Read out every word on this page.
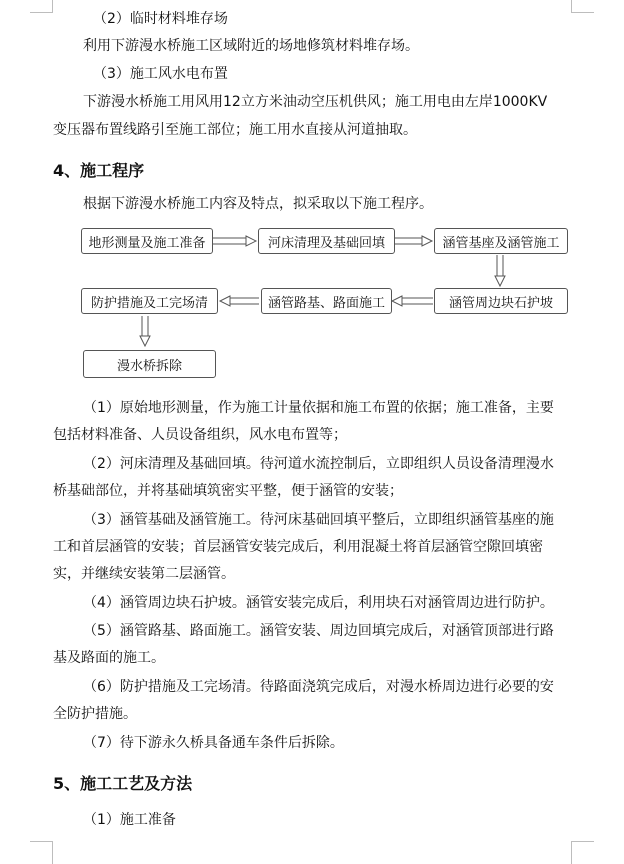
（2）临时材料堆存场
利用下游漫水桥施工区域附近的场地修筑材料堆存场。
（3）施工风水电布置
下游漫水桥施工用风用12立方米油动空压机供风；施工用电由左岸1000KV
变压器布置线路引至施工部位；施工用水直接从河道抽取。
4、施工程序
根据下游漫水桥施工内容及特点，拟采取以下施工程序。
地形测量及施工准备	河床清理及基础回填	涵管基座及涵管施工
涵管周边块石护坡
涵管路基、路面施工
防护措施及工完场清
漫水桥拆除
（1）原始地形测量，作为施工计量依据和施工布置的依据；施工准备，主要
包括材料准备、人员设备组织，风水电布置等；
（2）河床清理及基础回填。待河道水流控制后，立即组织人员设备清理漫水
桥基础部位，并将基础填筑密实平整，便于涵管的安装；
（3）涵管基础及涵管施工。待河床基础回填平整后，立即组织涵管基座的施
工和首层涵管的安装；首层涵管安装完成后，利用混凝土将首层涵管空隙回填密
实，并继续安装第二层涵管。
（4）涵管周边块石护坡。涵管安装完成后，利用块石对涵管周边进行防护。
（5）涵管路基、路面施工。涵管安装、周边回填完成后，对涵管顶部进行路
基及路面的施工。
（6）防护措施及工完场清。待路面浇筑完成后，对漫水桥周边进行必要的安
全防护措施。
（7）待下游永久桥具备通车条件后拆除。
5、施工工艺及方法
（1）施工准备
